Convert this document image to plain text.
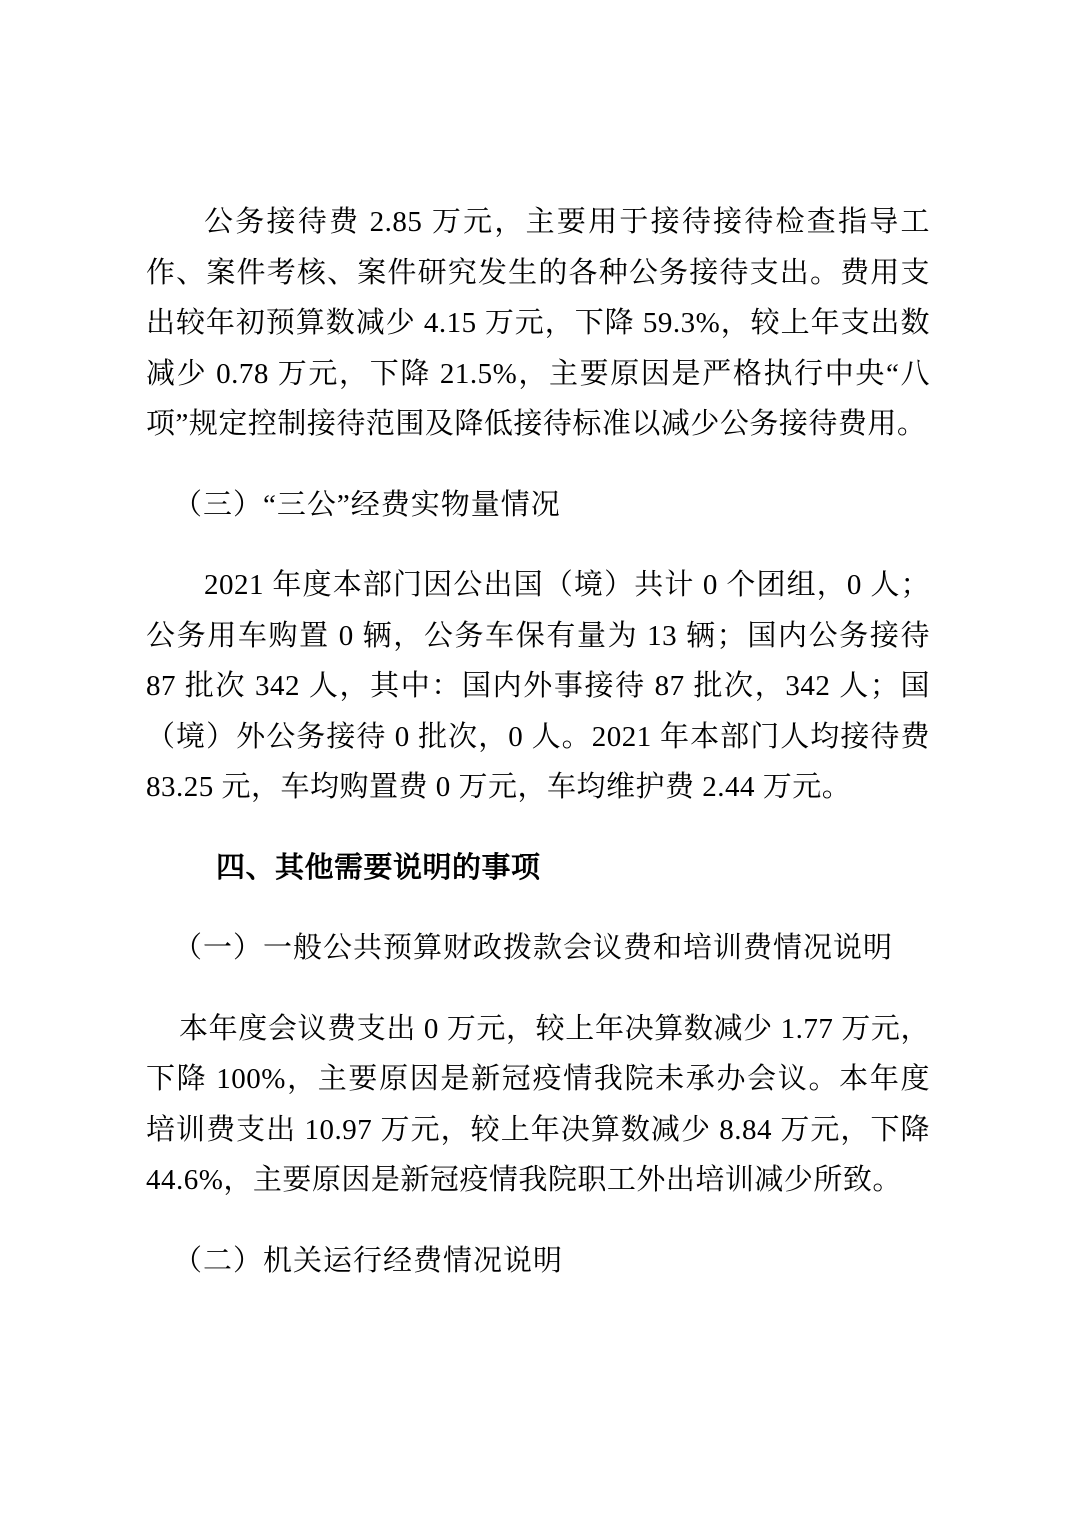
公务接待费 2.85 万元，主要用于接待接待检查指导工作、案件考核、案件研究发生的各种公务接待支出。费用支出较年初预算数减少 4.15 万元，下降 59.3%，较上年支出数减少 0.78 万元，下降 21.5%，主要原因是严格执行中央“八项”规定控制接待范围及降低接待标准以减少公务接待费用。

（三）“三公”经费实物量情况

2021 年度本部门因公出国（境）共计 0 个团组，0 人；公务用车购置 0 辆，公务车保有量为 13 辆；国内公务接待 87 批次 342 人，其中：国内外事接待 87 批次，342 人；国（境）外公务接待 0 批次，0 人。2021 年本部门人均接待费 83.25 元，车均购置费 0 万元，车均维护费 2.44 万元。

四、其他需要说明的事项

（一）一般公共预算财政拨款会议费和培训费情况说明

本年度会议费支出 0 万元，较上年决算数减少 1.77 万元，下降 100%，主要原因是新冠疫情我院未承办会议。本年度培训费支出 10.97 万元，较上年决算数减少 8.84 万元，下降 44.6%，主要原因是新冠疫情我院职工外出培训减少所致。

（二）机关运行经费情况说明
